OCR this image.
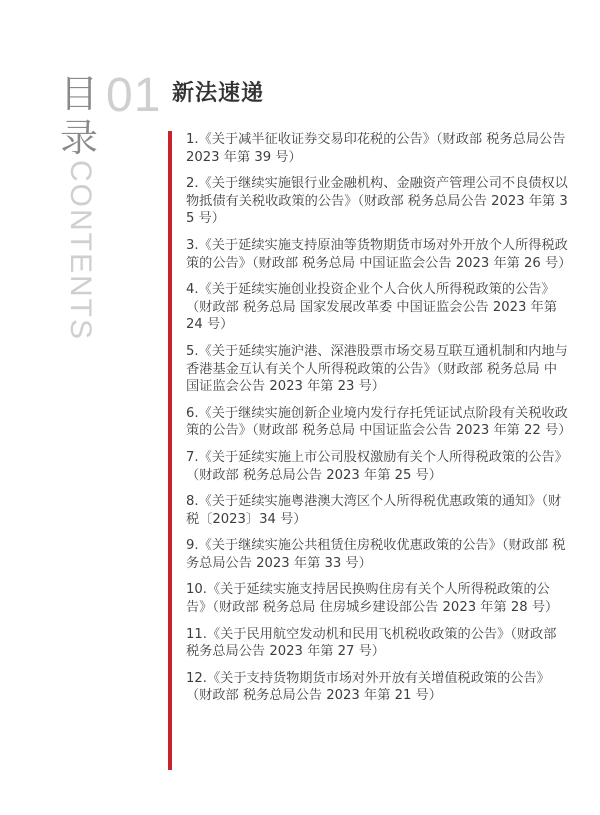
目录
CONTENTS
01 新法速递
1.《关于减半征收证券交易印花税的公告》（财政部 税务总局公告 2023 年第 39 号）
2.《关于继续实施银行业金融机构、金融资产管理公司不良债权以物抵债有关税收政策的公告》（财政部 税务总局公告 2023 年第 35 号）
3.《关于延续实施支持原油等货物期货市场对外开放个人所得税政策的公告》（财政部 税务总局 中国证监会公告 2023 年第 26 号）
4.《关于延续实施创业投资企业个人合伙人所得税政策的公告》（财政部 税务总局 国家发展改革委 中国证监会公告 2023 年第 24 号）
5.《关于延续实施沪港、深港股票市场交易互联互通机制和内地与香港基金互认有关个人所得税政策的公告》（财政部 税务总局 中国证监会公告 2023 年第 23 号）
6.《关于继续实施创新企业境内发行存托凭证试点阶段有关税收政策的公告》（财政部 税务总局 中国证监会公告 2023 年第 22 号）
7.《关于延续实施上市公司股权激励有关个人所得税政策的公告》（财政部 税务总局公告 2023 年第 25 号）
8.《关于延续实施粤港澳大湾区个人所得税优惠政策的通知》（财税〔2023〕34 号）
9.《关于继续实施公共租赁住房税收优惠政策的公告》（财政部 税务总局公告 2023 年第 33 号）
10.《关于延续实施支持居民换购住房有关个人所得税政策的公告》（财政部 税务总局 住房城乡建设部公告 2023 年第 28 号）
11.《关于民用航空发动机和民用飞机税收政策的公告》（财政部 税务总局公告 2023 年第 27 号）
12.《关于支持货物期货市场对外开放有关增值税政策的公告》（财政部 税务总局公告 2023 年第 21 号）
